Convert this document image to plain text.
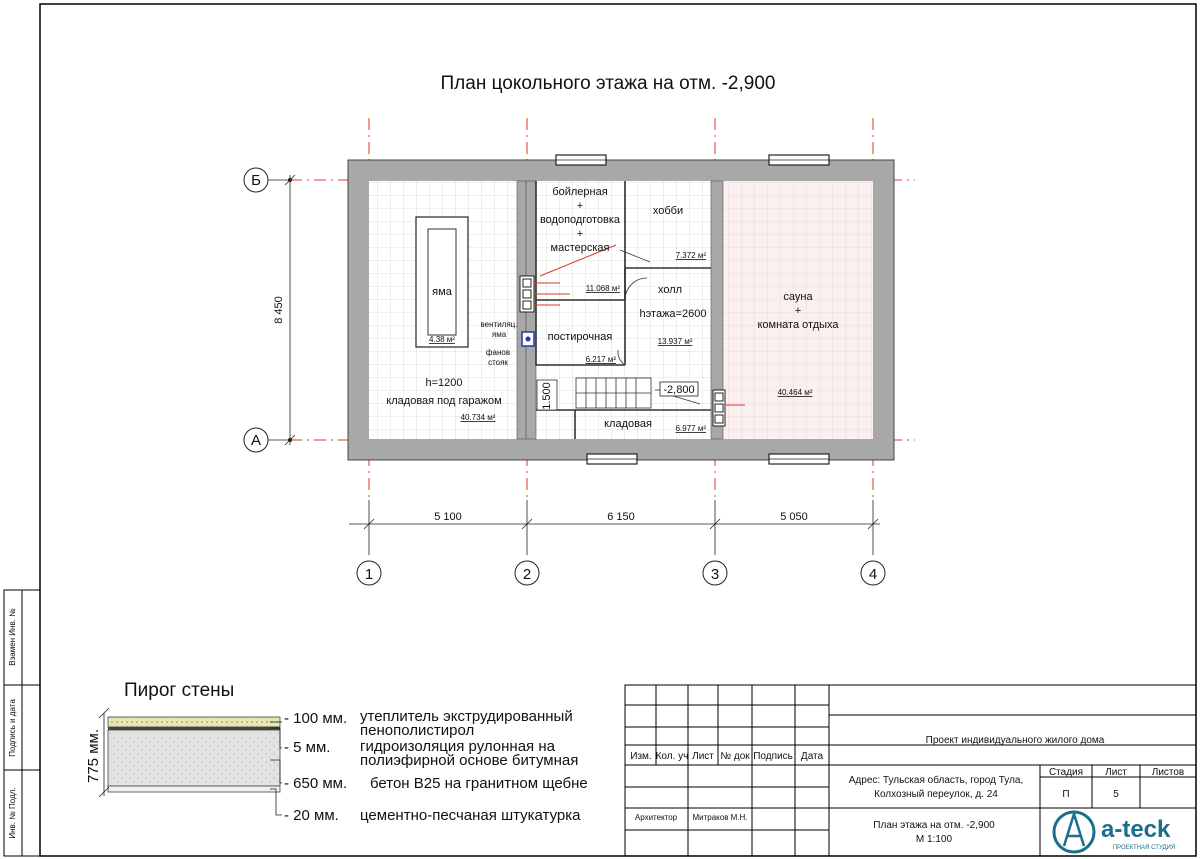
План цокольного этажа на отм. -2,900
-2,800
бойлерная
+
водоподготовка
+
мастерская
11.068 м²
хобби
7.372 м²
яма
4.38 м²
h=1200
кладовая под гаражом
40.734 м²
вентиляц.
яма
фанов
стояк
постирочная
6.217 м²
холл
hэтажа=2600
13.937 м²
сауна
+
комната отдыха
40.464 м²
кладовая	6.977 м²
1.500
8 450
Б
А
5 100	6 150	5 050
1	2	3	4
Взамен Инв. №
Подпись и дата
Инв. № Подл.
Пирог стены
775 мм.
- 100 мм. утеплитель экструдированный
пенополистирол
- 5 мм. гидроизоляция рулонная на
полиэфирной основе битумная
- 650 мм. бетон B25 на гранитном щебне
- 20 мм. цементно-песчаная штукатурка
Изм. Кол. уч Лист № док Подпись Дата
Проект индивидуального жилого дома
Адрес: Тульская область, город Тула,
Колхозный переулок, д. 24
Стадия Лист Листов
П	5
Архитектор Митраков М.Н.
План этажа на отм. -2,900
М 1:100	a-teck
ПРОЕКТНАЯ СТУДИЯ
